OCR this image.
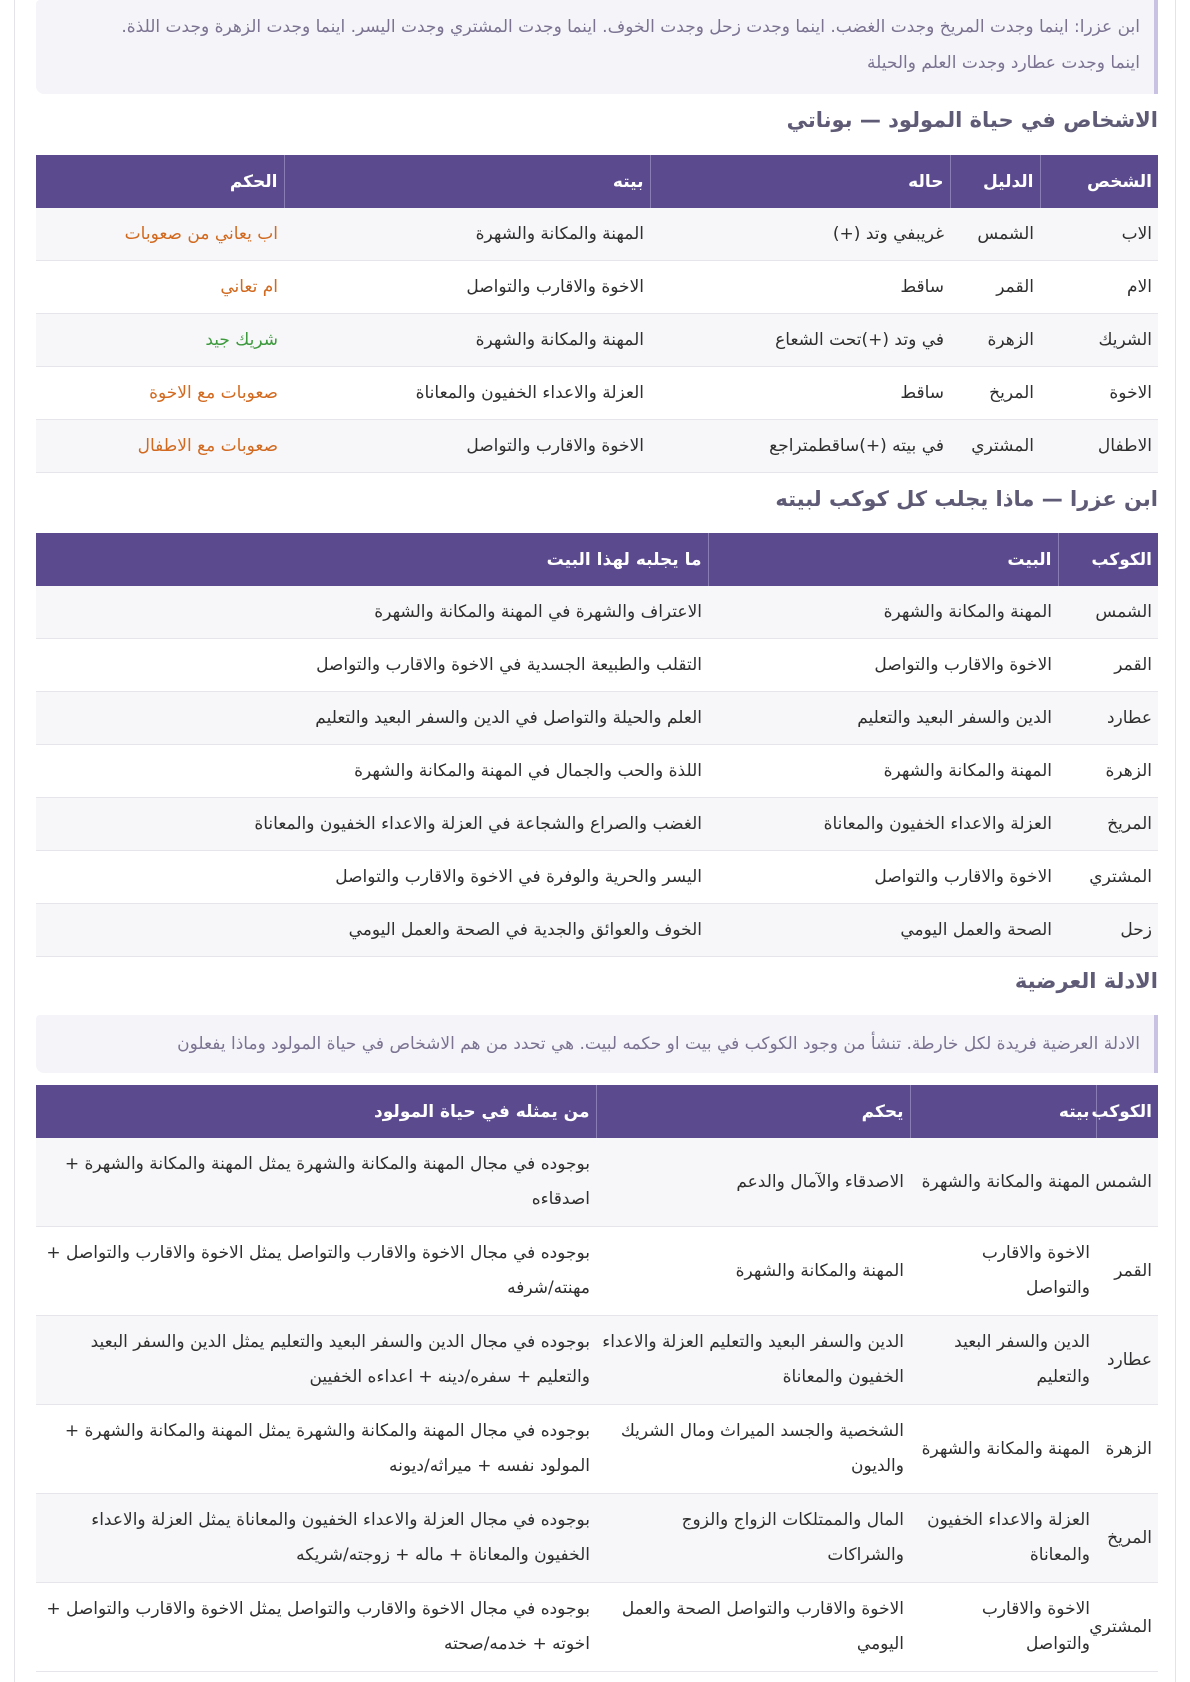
ابن عزرا: اينما وجدت المريخ وجدت الغضب. اينما وجدت زحل وجدت الخوف. اينما وجدت المشتري وجدت اليسر. اينما وجدت الزهرة وجدت اللذة.
اينما وجدت عطارد وجدت العلم والحيلة
الاشخاص في حياة المولود — بوناتي
الشخص	الدليل	حاله	بيته	الحكم
الاب	الشمس	غريبفي وتد (+)	المهنة والمكانة والشهرة	اب يعاني من صعوبات
الام	القمر	ساقط	الاخوة والاقارب والتواصل	ام تعاني
الشريك	الزهرة	في وتد (+)تحت الشعاع	المهنة والمكانة والشهرة	شريك جيد
الاخوة	المريخ	ساقط	العزلة والاعداء الخفيون والمعاناة	صعوبات مع الاخوة
الاطفال	المشتري	في بيته (+)ساقطمتراجع	الاخوة والاقارب والتواصل	صعوبات مع الاطفال
ابن عزرا — ماذا يجلب كل كوكب لبيته
الكوكب	البيت	ما يجلبه لهذا البيت
الشمس	المهنة والمكانة والشهرة	الاعتراف والشهرة في المهنة والمكانة والشهرة
القمر	الاخوة والاقارب والتواصل	التقلب والطبيعة الجسدية في الاخوة والاقارب والتواصل
عطارد	الدين والسفر البعيد والتعليم	العلم والحيلة والتواصل في الدين والسفر البعيد والتعليم
الزهرة	المهنة والمكانة والشهرة	اللذة والحب والجمال في المهنة والمكانة والشهرة
المريخ	العزلة والاعداء الخفيون والمعاناة	الغضب والصراع والشجاعة في العزلة والاعداء الخفيون والمعاناة
المشتري	الاخوة والاقارب والتواصل	اليسر والحرية والوفرة في الاخوة والاقارب والتواصل
زحل	الصحة والعمل اليومي	الخوف والعوائق والجدية في الصحة والعمل اليومي
الادلة العرضية
الادلة العرضية فريدة لكل خارطة. تنشأ من وجود الكوكب في بيت او حكمه لبيت. هي تحدد من هم الاشخاص في حياة المولود وماذا يفعلون
الكوكب	بيته	يحكم	من يمثله في حياة المولود
الشمس	المهنة والمكانة والشهرة	الاصدقاء والآمال والدعم	بوجوده في مجال المهنة والمكانة والشهرة يمثل المهنة والمكانة والشهرة + اصدقاءه
القمر	الاخوة والاقارب والتواصل	المهنة والمكانة والشهرة	بوجوده في مجال الاخوة والاقارب والتواصل يمثل الاخوة والاقارب والتواصل + مهنته/شرفه
عطارد	الدين والسفر البعيد والتعليم	الدين والسفر البعيد والتعليم العزلة والاعداء الخفيون والمعاناة	بوجوده في مجال الدين والسفر البعيد والتعليم يمثل الدين والسفر البعيد والتعليم + سفره/دينه + اعداءه الخفيين
الزهرة	المهنة والمكانة والشهرة	الشخصية والجسد الميراث ومال الشريك والديون	بوجوده في مجال المهنة والمكانة والشهرة يمثل المهنة والمكانة والشهرة + المولود نفسه + ميراثه/ديونه
المريخ	العزلة والاعداء الخفيون والمعاناة	المال والممتلكات الزواج والزوج والشراكات	بوجوده في مجال العزلة والاعداء الخفيون والمعاناة يمثل العزلة والاعداء الخفيون والمعاناة + ماله + زوجته/شريكه
المشتري	الاخوة والاقارب والتواصل	الاخوة والاقارب والتواصل الصحة والعمل اليومي	بوجوده في مجال الاخوة والاقارب والتواصل يمثل الاخوة والاقارب والتواصل + اخوته + خدمه/صحته
